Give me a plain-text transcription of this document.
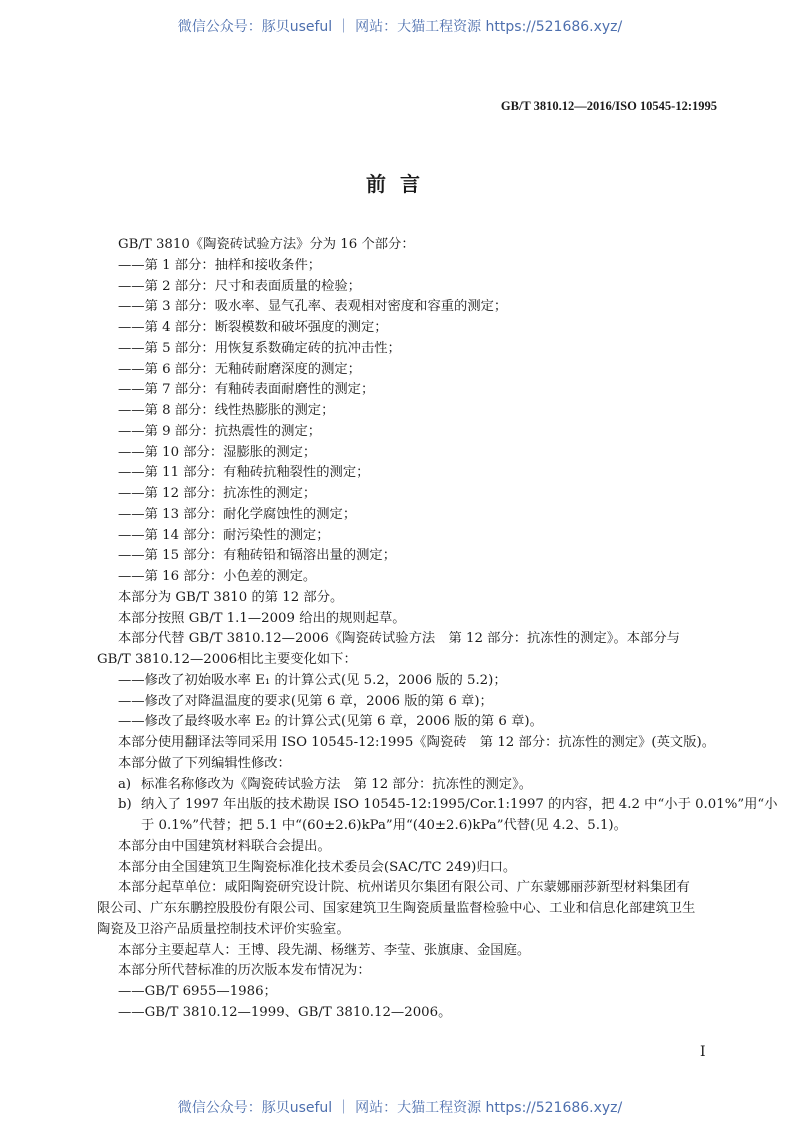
微信公众号：豚贝useful ｜ 网站：大猫工程资源 https://521686.xyz/
GB/T 3810.12—2016/ISO 10545-12:1995
前言
GB/T 3810《陶瓷砖试验方法》分为 16 个部分：
——第 1 部分：抽样和接收条件；
——第 2 部分：尺寸和表面质量的检验；
——第 3 部分：吸水率、显气孔率、表观相对密度和容重的测定；
——第 4 部分：断裂模数和破坏强度的测定；
——第 5 部分：用恢复系数确定砖的抗冲击性；
——第 6 部分：无釉砖耐磨深度的测定；
——第 7 部分：有釉砖表面耐磨性的测定；
——第 8 部分：线性热膨胀的测定；
——第 9 部分：抗热震性的测定；
——第 10 部分：湿膨胀的测定；
——第 11 部分：有釉砖抗釉裂性的测定；
——第 12 部分：抗冻性的测定；
——第 13 部分：耐化学腐蚀性的测定；
——第 14 部分：耐污染性的测定；
——第 15 部分：有釉砖铅和镉溶出量的测定；
——第 16 部分：小色差的测定。
本部分为 GB/T 3810 的第 12 部分。
本部分按照 GB/T 1.1—2009 给出的规则起草。
本部分代替 GB/T 3810.12—2006《陶瓷砖试验方法　第 12 部分：抗冻性的测定》。本部分与
GB/T 3810.12—2006相比主要变化如下：
——修改了初始吸水率 E₁ 的计算公式(见 5.2，2006 版的 5.2)；
——修改了对降温温度的要求(见第 6 章，2006 版的第 6 章)；
——修改了最终吸水率 E₂ 的计算公式(见第 6 章，2006 版的第 6 章)。
本部分使用翻译法等同采用 ISO 10545-12:1995《陶瓷砖　第 12 部分：抗冻性的测定》(英文版)。
本部分做了下列编辑性修改：
a) 标准名称修改为《陶瓷砖试验方法　第 12 部分：抗冻性的测定》。
b) 纳入了 1997 年出版的技术勘误 ISO 10545-12:1995/Cor.1:1997 的内容，把 4.2 中“小于 0.01%”用“小
于 0.1%”代替；把 5.1 中“(60±2.6)kPa”用“(40±2.6)kPa”代替(见 4.2、5.1)。
本部分由中国建筑材料联合会提出。
本部分由全国建筑卫生陶瓷标准化技术委员会(SAC/TC 249)归口。
本部分起草单位：咸阳陶瓷研究设计院、杭州诺贝尔集团有限公司、广东蒙娜丽莎新型材料集团有
限公司、广东东鹏控股股份有限公司、国家建筑卫生陶瓷质量监督检验中心、工业和信息化部建筑卫生
陶瓷及卫浴产品质量控制技术评价实验室。
本部分主要起草人：王博、段先湖、杨继芳、李莹、张旗康、金国庭。
本部分所代替标准的历次版本发布情况为：
——GB/T 6955—1986；
——GB/T 3810.12—1999、GB/T 3810.12—2006。
I
微信公众号：豚贝useful ｜ 网站：大猫工程资源 https://521686.xyz/
